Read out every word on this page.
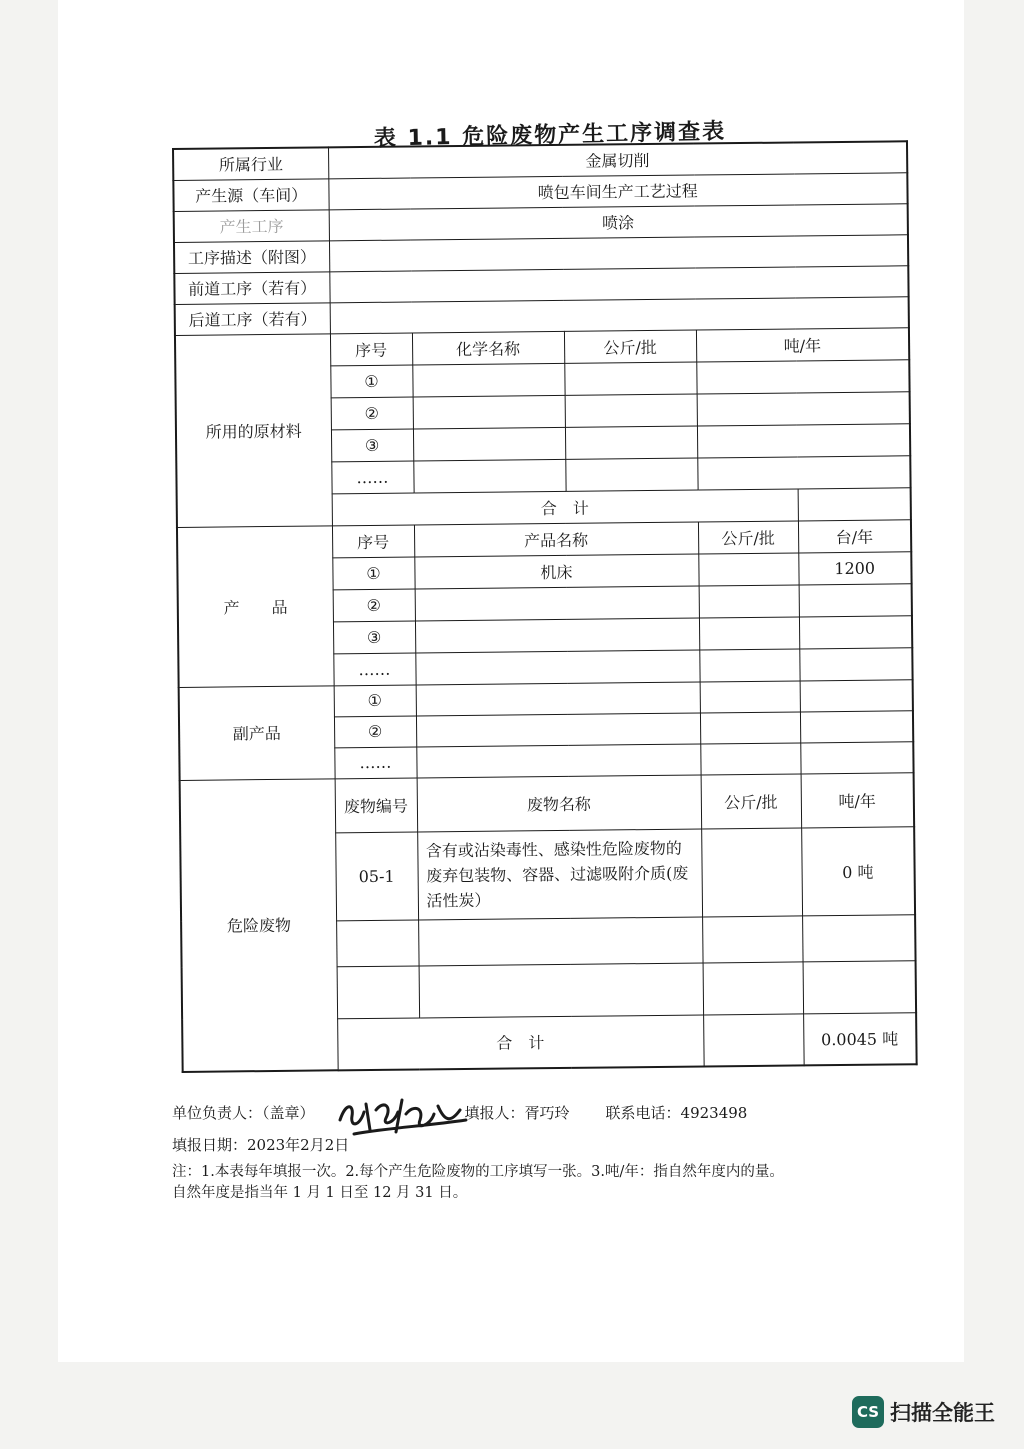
表 1.1 危险废物产生工序调查表
所属行业	金属切削				
产生源（车间）	喷包车间生产工艺过程				
产生工序	喷涂				
工序描述（附图）					
前道工序（若有）					
后道工序（若有）					
所用的原材料	序号	化学名称	公斤/批	吨/年	
	①				
	②				
	③				
	……				
	合　计				
产　　品	序号	产品名称		公斤/批	台/年
	①	机床			1200
	②				
	③				
	……				
副产品	①				
	②				
	……				
危险废物	废物编号	废物名称		公斤/批	吨/年
	05-1	含有或沾染毒性、感染性危险废物的废弃包装物、容器、过滤吸附介质(废活性炭）			0 吨

	合　计				0.0045 吨
单位负责人：（盖章）	填报人：胥巧玲 联系电话：4923498
填报日期：2023年2月2日
注：1.本表每年填报一次。2.每个产生危险废物的工序填写一张。3.吨/年：指自然年度内的量。
自然年度是指当年 1 月 1 日至 12 月 31 日。
CS 扫描全能王
